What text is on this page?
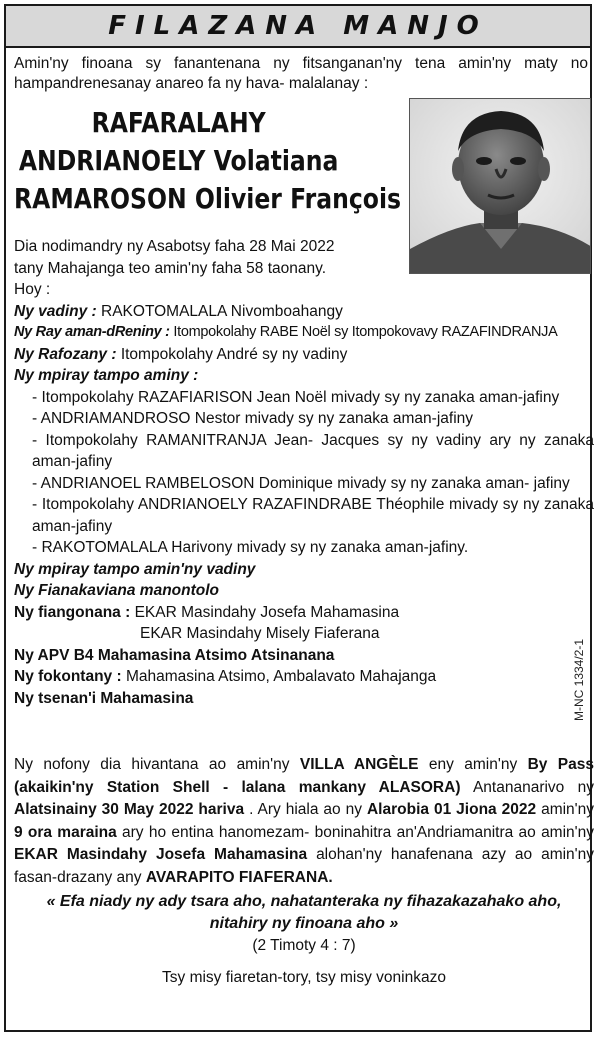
FILAZANA MANJO

Amin'ny finoana sy fanantenana ny fitsanganan'ny tena amin'ny maty no hampandrenesanay anareo fa ny hava- malalanay :

RAFARALAHY
ANDRIANOELY Volatiana
RAMAROSON Olivier François

Dia nodimandry ny Asabotsy faha 28 Mai 2022

tany Mahajanga teo amin'ny faha 58 taonany.

Hoy :

Ny vadiny : RAKOTOMALALA Nivomboahangy

Ny Ray aman-dReniny : Itompokolahy RABE Noël sy Itompokovavy RAZAFINDRANJA

Ny Rafozany : Itompokolahy André sy ny vadiny

Ny mpiray tampo aminy :

- Itompokolahy RAZAFIARISON Jean Noël mivady sy ny zanaka aman-jafiny

- ANDRIAMANDROSO Nestor mivady sy ny zanaka aman-jafiny

- Itompokolahy RAMANITRANJA Jean- Jacques sy ny vadiny ary ny zanaka aman-jafiny

- ANDRIANOEL RAMBELOSON Dominique mivady sy ny zanaka aman- jafiny

- Itompokolahy ANDRIANOELY RAZAFINDRABE Théophile mivady sy ny zanaka aman-jafiny

- RAKOTOMALALA Harivony mivady sy ny zanaka aman-jafiny.

Ny mpiray tampo amin'ny vadiny

Ny Fianakaviana manontolo

Ny fiangonana : EKAR Masindahy Josefa Mahamasina

EKAR Masindahy Misely Fiaferana

Ny APV B4 Mahamasina Atsimo Atsinanana

Ny fokontany : Mahamasina Atsimo, Ambalavato Mahajanga

Ny tsenan'i Mahamasina

Ny nofony dia hivantana ao amin'ny VILLA ANGÈLE eny amin'ny By Pass (akaikin'ny Station Shell - lalana mankany ALASORA) Antananarivo ny Alatsinainy 30 May 2022 hariva . Ary hiala ao ny Alarobia 01 Jiona 2022 amin'ny 9 ora maraina ary ho entina hanomezam- boninahitra an'Andriamanitra ao amin'ny EKAR Masindahy Josefa Mahamasina alohan'ny hanafenana azy ao amin'ny fasan-drazany any AVARAPITO FIAFERANA.

« Efa niady ny ady tsara aho, nahatanteraka ny fihazakazahako aho,
nitahiry ny finoana aho »
(2 Timoty 4 : 7)
Tsy misy fiaretan-tory, tsy misy voninkazo
M-NC 1334/2-1
